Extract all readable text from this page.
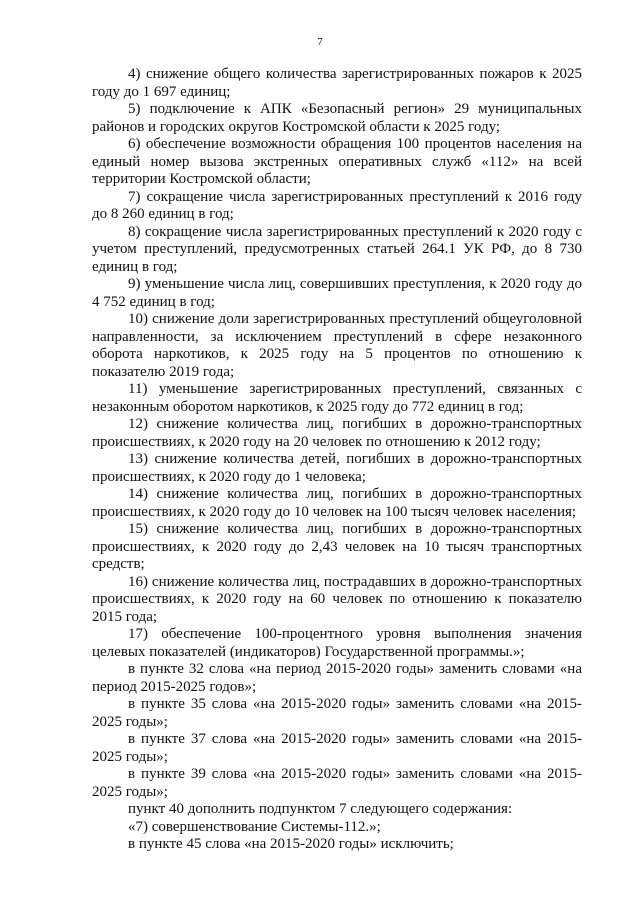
7

4) снижение общего количества зарегистрированных пожаров к 2025 году до 1 697 единиц;

5) подключение к АПК «Безопасный регион» 29 муниципальных районов и городских округов Костромской области к 2025 году;

6) обеспечение возможности обращения 100 процентов населения на единый номер вызова экстренных оперативных служб «112» на всей территории Костромской области;

7) сокращение числа зарегистрированных преступлений к 2016 году до 8 260 единиц в год;

8) сокращение числа зарегистрированных преступлений к 2020 году с учетом преступлений, предусмотренных статьей 264.1 УК РФ, до 8 730 единиц в год;

9) уменьшение числа лиц, совершивших преступления, к 2020 году до 4 752 единиц в год;

10) снижение доли зарегистрированных преступлений общеуголовной направленности, за исключением преступлений в сфере незаконного оборота наркотиков, к 2025 году на 5 процентов по отношению к показателю 2019 года;

11) уменьшение зарегистрированных преступлений, связанных с незаконным оборотом наркотиков, к 2025 году до 772 единиц в год;

12) снижение количества лиц, погибших в дорожно-транспортных происшествиях, к 2020 году на 20 человек по отношению к 2012 году;

13) снижение количества детей, погибших в дорожно-транспортных происшествиях, к 2020 году до 1 человека;

14) снижение количества лиц, погибших в дорожно-транспортных происшествиях, к 2020 году до 10 человек на 100 тысяч человек населения;

15) снижение количества лиц, погибших в дорожно-транспортных происшествиях, к 2020 году до 2,43 человек на 10 тысяч транспортных средств;

16) снижение количества лиц, пострадавших в дорожно-транспортных происшествиях, к 2020 году на 60 человек по отношению к показателю 2015 года;

17) обеспечение 100-процентного уровня выполнения значения целевых показателей (индикаторов) Государственной программы.»;

в пункте 32 слова «на период 2015-2020 годы» заменить словами «на период 2015-2025 годов»;

в пункте 35 слова «на 2015-2020 годы» заменить словами «на 2015-2025 годы»;

в пункте 37 слова «на 2015-2020 годы» заменить словами «на 2015-2025 годы»;

в пункте 39 слова «на 2015-2020 годы» заменить словами «на 2015-2025 годы»;

пункт 40 дополнить подпунктом 7 следующего содержания:

«7) совершенствование Системы-112.»;

в пункте 45 слова «на 2015-2020 годы» исключить;
